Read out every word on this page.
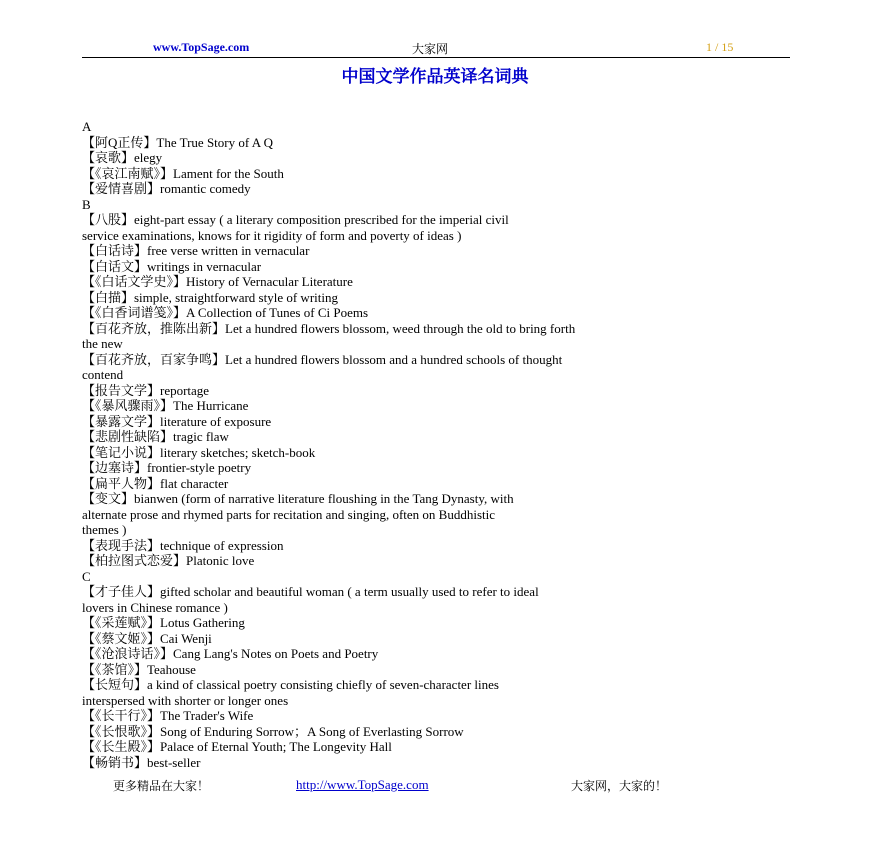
www.TopSage.com	大家网	1 / 15
中国文学作品英译名词典
A
【阿Q正传】The True Story of A Q
【哀歌】elegy
【《哀江南赋》】Lament for the South
【爱情喜剧】romantic comedy
B
【八股】eight-part essay ( a literary composition prescribed for the imperial civil
service examinations, knows for it rigidity of form and poverty of ideas )
【白话诗】free verse written in vernacular
【白话文】writings in vernacular
【《白话文学史》】History of Vernacular Literature
【白描】simple, straightforward style of writing
【《白香词谱笺》】A Collection of Tunes of Ci Poems
【百花齐放，推陈出新】Let a hundred flowers blossom, weed through the old to bring forth
the new
【百花齐放，百家争鸣】Let a hundred flowers blossom and a hundred schools of thought
contend
【报告文学】reportage
【《暴风骤雨》】The Hurricane
【暴露文学】literature of exposure
【悲剧性缺陷】tragic flaw
【笔记小说】literary sketches; sketch-book
【边塞诗】frontier-style poetry
【扁平人物】flat character
【变文】bianwen (form of narrative literature floushing in the Tang Dynasty, with
alternate prose and rhymed parts for recitation and singing, often on Buddhistic
themes )
【表现手法】technique of expression
【柏拉图式恋爱】Platonic love
C
【才子佳人】gifted scholar and beautiful woman ( a term usually used to refer to ideal
lovers in Chinese romance )
【《采莲赋》】Lotus Gathering
【《蔡文姬》】Cai Wenji
【《沧浪诗话》】Cang Lang's Notes on Poets and Poetry
【《茶馆》】Teahouse
【长短句】a kind of classical poetry consisting chiefly of seven-character lines
interspersed with shorter or longer ones
【《长干行》】The Trader's Wife
【《长恨歌》】Song of Enduring Sorrow；A Song of Everlasting Sorrow
【《长生殿》】Palace of Eternal Youth; The Longevity Hall
【畅销书】best-seller
更多精品在大家！	http://www.TopSage.com	大家网，大家的！
